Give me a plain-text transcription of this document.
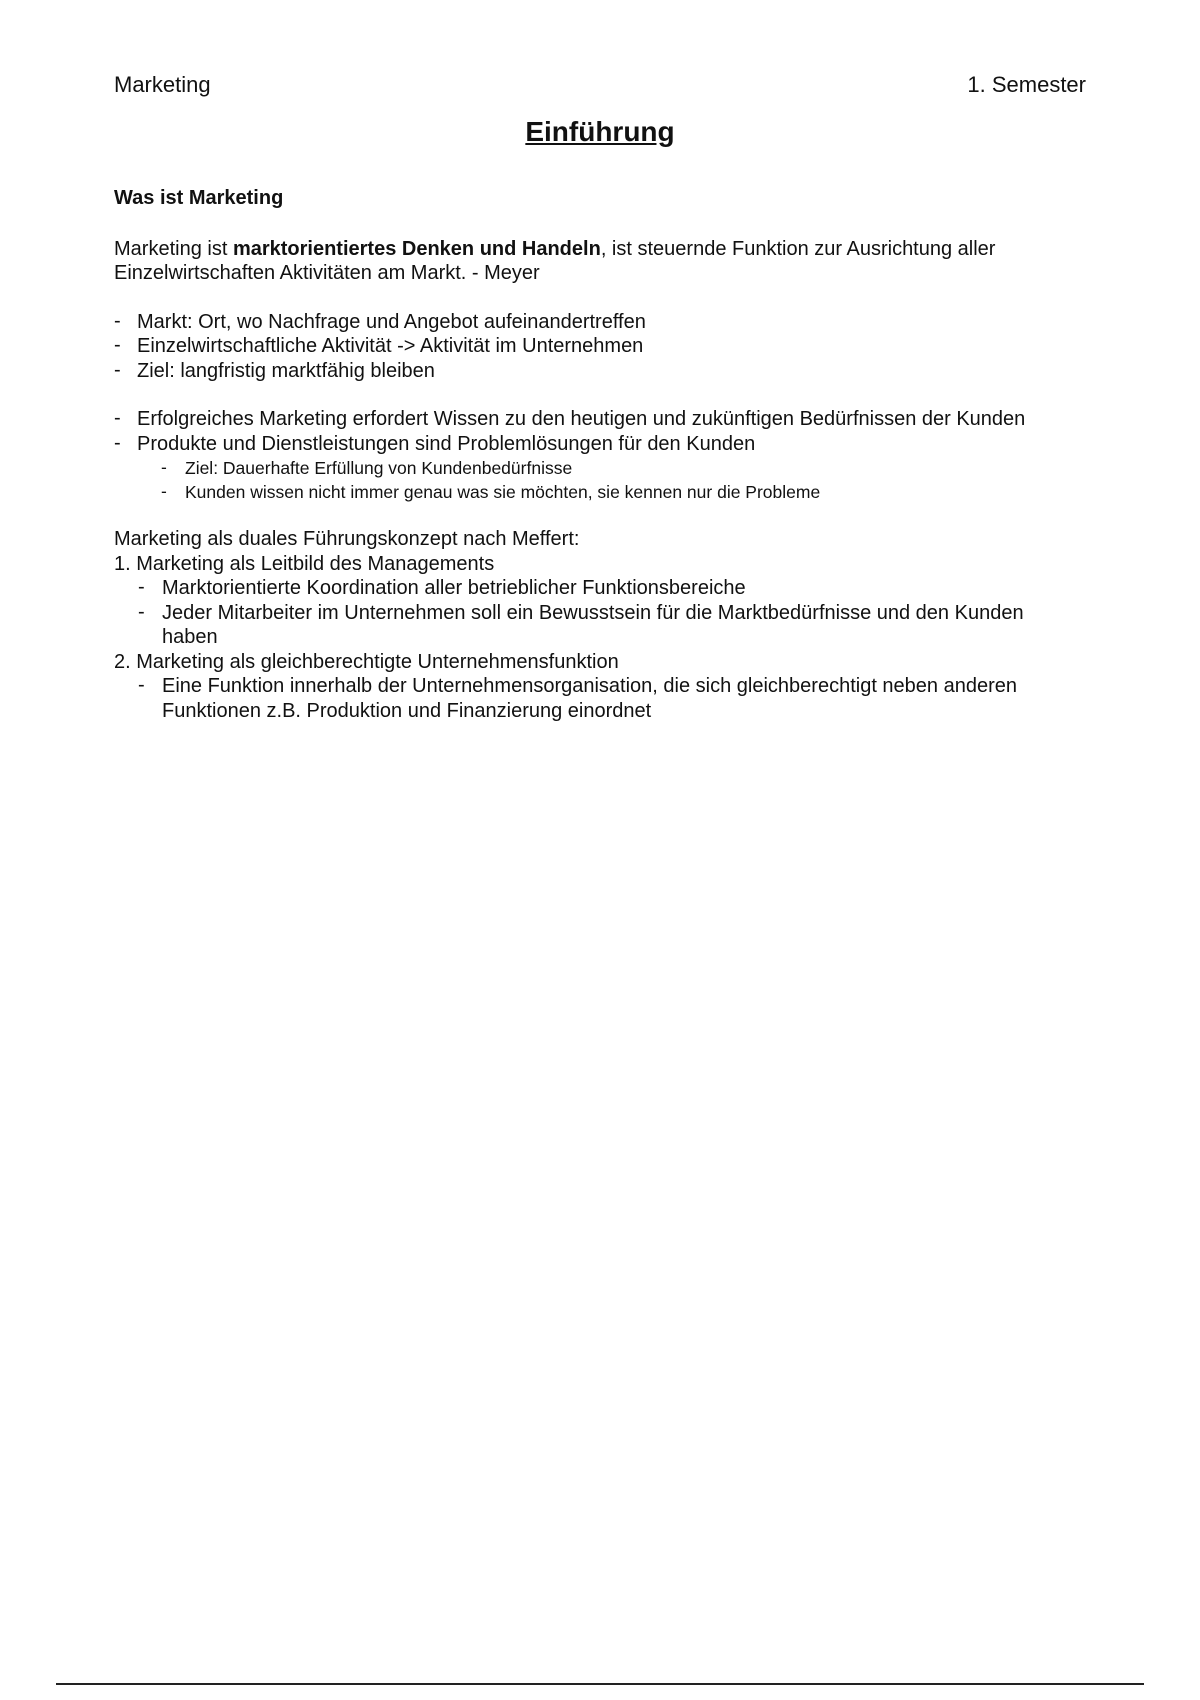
Marketing	1. Semester
Einführung
Was ist Marketing

Marketing ist marktorientiertes Denken und Handeln, ist steuernde Funktion zur Ausrichtung aller Einzelwirtschaften Aktivitäten am Markt. - Meyer

- Markt: Ort, wo Nachfrage und Angebot aufeinandertreffen
- Einzelwirtschaftliche Aktivität -> Aktivität im Unternehmen
- Ziel: langfristig marktfähig bleiben
- Erfolgreiches Marketing erfordert Wissen zu den heutigen und zukünftigen Bedürfnissen der Kunden
- Produkte und Dienstleistungen sind Problemlösungen für den Kunden
- Ziel: Dauerhafte Erfüllung von Kundenbedürfnisse
- Kunden wissen nicht immer genau was sie möchten, sie kennen nur die Probleme

Marketing als duales Führungskonzept nach Meffert:

1. Marketing als Leitbild des Managements
- Marktorientierte Koordination aller betrieblicher Funktionsbereiche
- Jeder Mitarbeiter im Unternehmen soll ein Bewusstsein für die Marktbedürfnisse und den Kunden haben
2. Marketing als gleichberechtigte Unternehmensfunktion
- Eine Funktion innerhalb der Unternehmensorganisation, die sich gleichberechtigt neben anderen Funktionen z.B. Produktion und Finanzierung einordnet
